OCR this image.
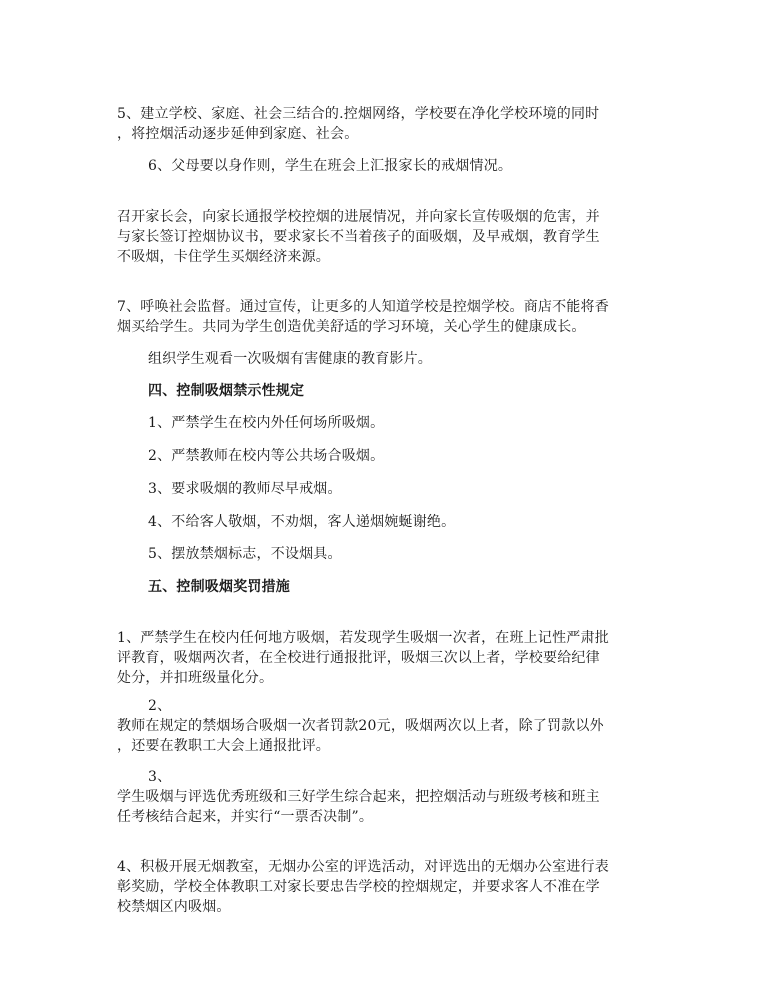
5、建立学校、家庭、社会三结合的.控烟网络，学校要在净化学校环境的同时
，将控烟活动逐步延伸到家庭、社会。
6、父母要以身作则，学生在班会上汇报家长的戒烟情况。
召开家长会，向家长通报学校控烟的进展情况，并向家长宣传吸烟的危害，并
与家长签订控烟协议书，要求家长不当着孩子的面吸烟，及早戒烟，教育学生
不吸烟，卡住学生买烟经济来源。
7、呼唤社会监督。通过宣传，让更多的人知道学校是控烟学校。商店不能将香
烟买给学生。共同为学生创造优美舒适的学习环境，关心学生的健康成长。
组织学生观看一次吸烟有害健康的教育影片。
四、控制吸烟禁示性规定
1、严禁学生在校内外任何场所吸烟。
2、严禁教师在校内等公共场合吸烟。
3、要求吸烟的教师尽早戒烟。
4、不给客人敬烟，不劝烟，客人递烟婉蜒谢绝。
5、摆放禁烟标志，不设烟具。
五、控制吸烟奖罚措施
1、严禁学生在校内任何地方吸烟，若发现学生吸烟一次者，在班上记性严肃批
评教育，吸烟两次者，在全校进行通报批评，吸烟三次以上者，学校要给纪律
处分，并扣班级量化分。
2、
教师在规定的禁烟场合吸烟一次者罚款20元，吸烟两次以上者，除了罚款以外
，还要在教职工大会上通报批评。
3、
学生吸烟与评选优秀班级和三好学生综合起来，把控烟活动与班级考核和班主
任考核结合起来，并实行“一票否决制”。
4、积极开展无烟教室，无烟办公室的评选活动，对评选出的无烟办公室进行表
彰奖励，学校全体教职工对家长要忠告学校的控烟规定，并要求客人不准在学
校禁烟区内吸烟。
